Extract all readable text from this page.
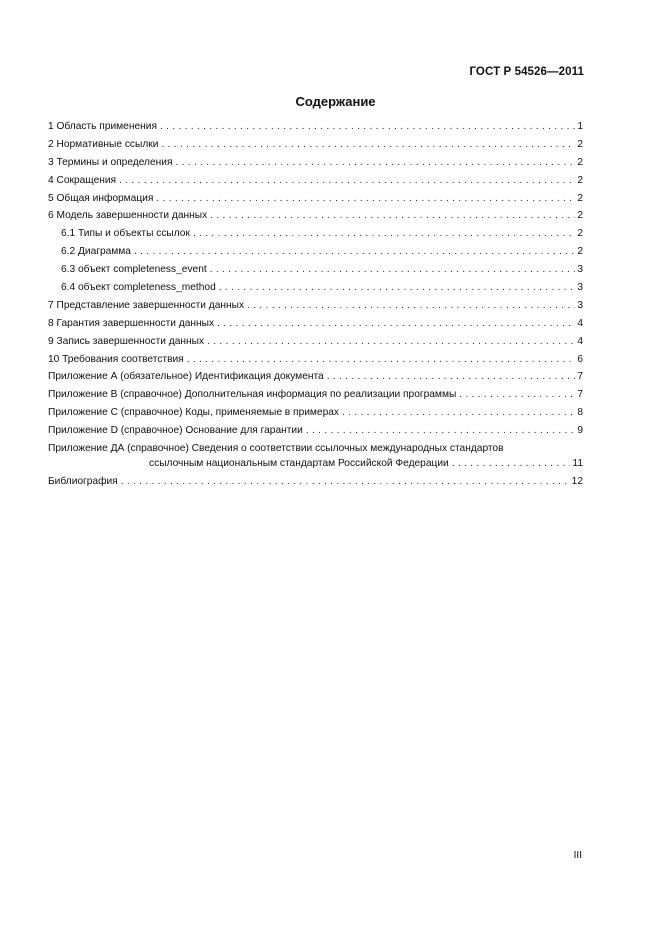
ГОСТ Р 54526—2011
Содержание
1 Область применения . . .	1
2 Нормативные ссылки . . .	2
3 Термины и определения . . .	2
4 Сокращения . . .	2
5 Общая информация . . .	2
6 Модель завершенности данных . . .	2
6.1 Типы и объекты ссылок . . .	2
6.2 Диаграмма . . .	2
6.3 объект completeness_event . . .	3
6.4 объект completeness_method . . .	3
7 Представление завершенности данных . . .	3
8 Гарантия завершенности данных . . .	4
9 Запись завершенности данных . . .	4
10 Требования соответствия . . .	6
Приложение А (обязательное) Идентификация документа . . .	7
Приложение В (справочное) Дополнительная информация по реализации программы . . .	7
Приложение С (справочное) Коды, применяемые в примерах . . .	8
Приложение D (справочное) Основание для гарантии . . .	9
Приложение ДА (справочное) Сведения о соответствии ссылочных международных стандартов
ссылочным национальным стандартам Российской Федерации . . .	11
Библиография . . .	12
III
